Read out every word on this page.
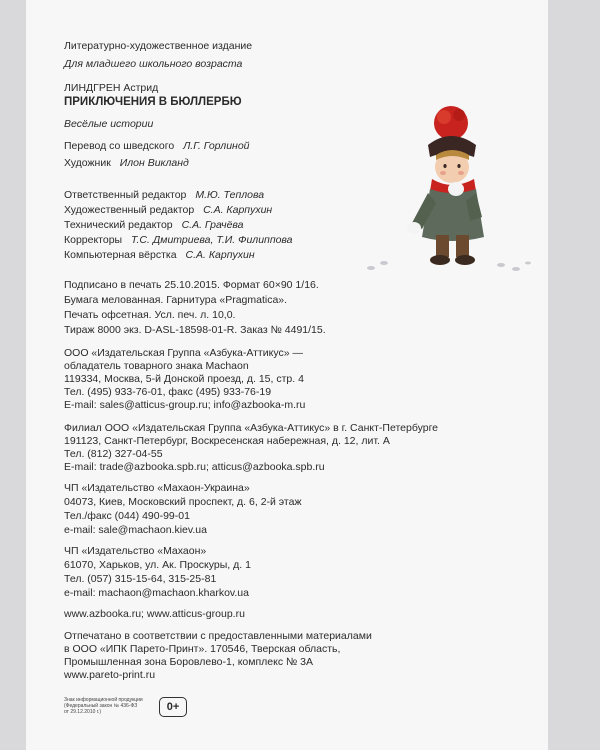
Литературно-художественное издание
Для младшего школьного возраста
ЛИНДГРЕН Астрид
ПРИКЛЮЧЕНИЯ В БЮЛЛЕРБЮ
Весёлые истории
Перевод со шведского Л.Г. Горлиной
Художник Илон Викланд
Ответственный редактор М.Ю. Теплова
Художественный редактор С.А. Карпухин
Технический редактор С.А. Грачёва
Корректоры Т.С. Дмитриева, Т.И. Филиппова
Компьютерная вёрстка С.А. Карпухин
Подписано в печать 25.10.2015. Формат 60×90 1/16.
Бумага мелованная. Гарнитура «Pragmatica».
Печать офсетная. Усл. печ. л. 10,0.
Тираж 8000 экз. D-ASL-18598-01-R. Заказ № 4491/15.
ООО «Издательская Группа «Азбука-Аттикус» —
обладатель товарного знака Machaon
119334, Москва, 5-й Донской проезд, д. 15, стр. 4
Тел. (495) 933-76-01, факс (495) 933-76-19
E-mail: sales@atticus-group.ru; info@azbooka-m.ru
Филиал ООО «Издательская Группа «Азбука-Аттикус» в г. Санкт-Петербурге
191123, Санкт-Петербург, Воскресенская набережная, д. 12, лит. А
Тел. (812) 327-04-55
E-mail: trade@azbooka.spb.ru; atticus@azbooka.spb.ru
ЧП «Издательство «Махаон-Украина»
04073, Киев, Московский проспект, д. 6, 2-й этаж
Тел./факс (044) 490-99-01
e-mail: sale@machaon.kiev.ua
ЧП «Издательство «Махаон»
61070, Харьков, ул. Ак. Проскуры, д. 1
Тел. (057) 315-15-64, 315-25-81
e-mail: machaon@machaon.kharkov.ua
www.azbooka.ru; www.atticus-group.ru
Отпечатано в соответствии с предоставленными материалами
в ООО «ИПК Парето-Принт». 170546, Тверская область,
Промышленная зона Боровлево-1, комплекс № 3А
www.pareto-print.ru
Знак информационной продукции
(Федеральный закон № 436-ФЗ
от 29.12.2010 г.)	0+
